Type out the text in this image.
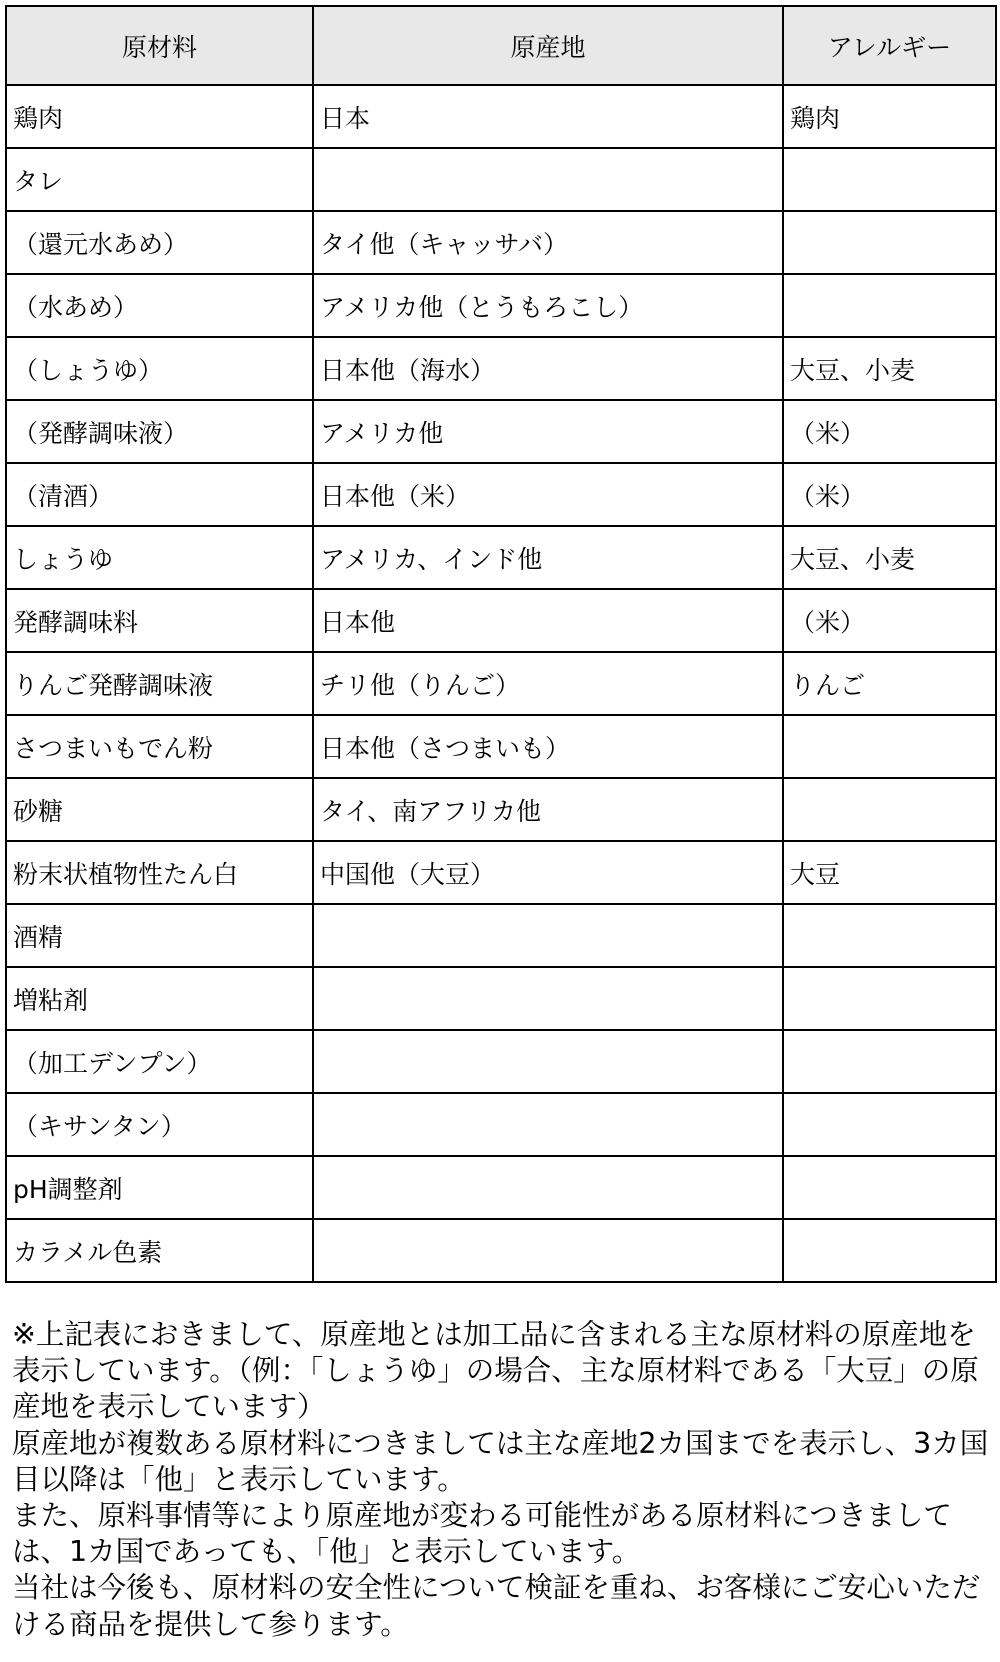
原材料	原産地	アレルギー
鶏肉	日本	鶏肉
タレ		
（還元水あめ）	タイ他（キャッサバ）	
（水あめ）	アメリカ他（とうもろこし）	
（しょうゆ）	日本他（海水）	大豆、小麦
（発酵調味液）	アメリカ他	（米）
（清酒）	日本他（米）	（米）
しょうゆ	アメリカ、インド他	大豆、小麦
発酵調味料	日本他	（米）
りんご発酵調味液	チリ他（りんご）	りんご
さつまいもでん粉	日本他（さつまいも）	
砂糖	タイ、南アフリカ他	
粉末状植物性たん白	中国他（大豆）	大豆
酒精		
増粘剤		
（加工デンプン）		
（キサンタン）		
pH調整剤		
カラメル色素		

※上記表におきまして、原産地とは加工品に含まれる主な原材料の原産地を表示しています。（例：「しょうゆ」の場合、主な原材料である「大豆」の原産地を表示しています）

原産地が複数ある原材料につきましては主な産地2カ国までを表示し、3カ国目以降は「他」と表示しています。

また、原料事情等により原産地が変わる可能性がある原材料につきましては、1カ国であっても、「他」と表示しています。

当社は今後も、原材料の安全性について検証を重ね、お客様にご安心いただける商品を提供して参ります。
